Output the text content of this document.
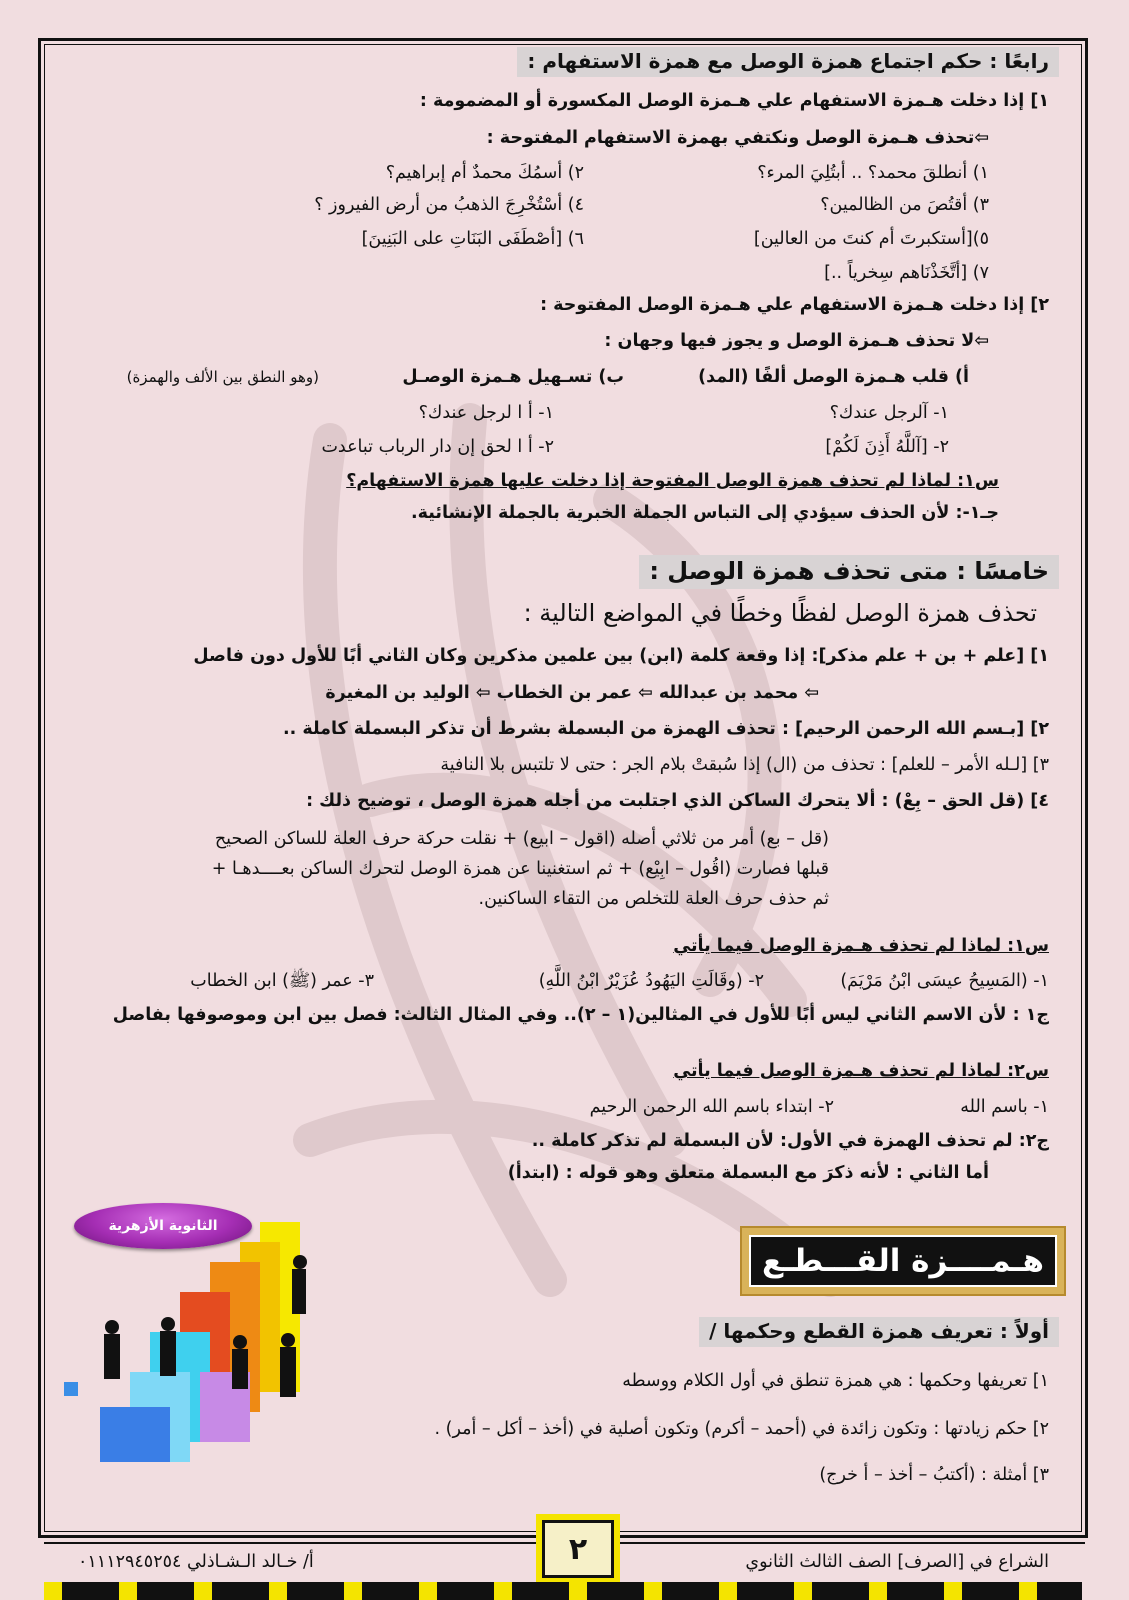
رابعًا : حكم اجتماع همزة الوصل مع همزة الاستفهام :
١] إذا دخلت هـمزة الاستفهام علي هـمزة الوصل المكسورة أو المضمومة :
⇦تحذف هـمزة الوصل ونكتفي بهمزة الاستفهام المفتوحة :
١) أنطلقَ محمد؟ .. أبتُلِيَ المرء؟
٢) أسمُكَ محمدٌ أم إبراهيم؟
٣) أقتُصَ من الظالمين؟
٤) أسْتُخْرِجَ الذهبُ من أرض الفيروز ؟
٥)[أستكبرتَ أم كنتَ من العالين]
٦) [أصْطَفَى البَنَاتِ على البَنِينَ]
٧) [أتَّخَذْنَاهم سِخرياً ..]
٢] إذا دخلت هـمزة الاستفهام علي هـمزة الوصل المفتوحة :
⇦لا تحذف هـمزة الوصل و يجوز فيها وجهان :
أ) قلب هـمزة الوصل ألفًا (المد)
ب) تسـهيل هـمزة الوصـل
(وهو النطق بين الألف والهمزة)
١- آلرجل عندك؟
١- أ ا لرجل عندك؟
٢- [آللَّهُ أَذِنَ لَكُمْ]
٢- أ ا لحق إن دار الرباب تباعدت
س١: لماذا لم تحذف همزة الوصل المفتوحة إذا دخلت عليها همزة الاستفهام؟
جـ١-: لأن الحذف سيؤدي إلى التباس الجملة الخبرية بالجملة الإنشائية.
خامسًا : متى تحذف همزة الوصل :
تحذف همزة الوصل لفظًا وخطًا في المواضع التالية :
١] [علم + بن + علم مذكر]: إذا وقعة كلمة (ابن) بين علمين مذكرين وكان الثاني أبًا للأول دون فاصل
⇦ محمد بن عبدالله ⇦ عمر بن الخطاب ⇦ الوليد بن المغيرة
٢] [بـسم الله الرحمن الرحيم] : تحذف الهمزة من البسملة بشرط أن تذكر البسملة كاملة ..
٣] [لـله الأمر – للعلم] : تحذف من (ال) إذا سُبقتْ بلام الجر : حتى لا تلتبس بلا النافية
٤] (قل الحق – بِعْ) : ألا يتحرك الساكن الذي اجتلبت من أجله همزة الوصل ، توضيح ذلك :
(قل – بع) أمر من ثلاثي أصله (اقول – ابيع) + نقلت حركة حرف العلة للساكن الصحيح
قبلها فصارت (اقُول – ابِيْع) + ثم استغنينا عن همزة الوصل لتحرك الساكن بعــــدهـا +
ثم حذف حرف العلة للتخلص من التقاء الساكنين.
س١: لماذا لم تحذف هـمزة الوصل فيما يأتي
١- (المَسِيحُ عيسَى ابْنُ مَرْيَمَ)
٢- (وقَالَتِ اليَهُودُ عُزَيْرٌ ابْنُ اللَّهِ)
٣- عمر (ﷺ) ابن الخطاب
ج١ : لأن الاسم الثاني ليس أبًا للأول في المثالين(١ – ٢).. وفي المثال الثالث: فصل بين ابن وموصوفها بفاصل
س٢: لماذا لم تحذف هـمزة الوصل فيما يأتي
١- باسم الله
٢- ابتداء باسم الله الرحمن الرحيم
ج٢: لم تحذف الهمزة في الأول: لأن البسملة لم تذكر كاملة ..
أما الثاني : لأنه ذكرَ مع البسملة متعلق وهو قوله : (ابتدأ)
هـمــــزة القـــطـع
أولاً : تعريف همزة القطع وحكمها /
١] تعريفها وحكمها : هي همزة تنطق في أول الكلام ووسطه
٢] حكم زيادتها : وتكون زائدة في (أحمد – أكرم) وتكون أصلية في (أخذ – أكل – أمر) .
٣] أمثلة : (أكتبُ – أخذ – أ خرج)
الثانوية الأزهرية
الشراع في [الصرف] الصف الثالث الثانوي
أ/ خـالد الـشـاذلي ٠١١١٢٩٤٥٢٥٤	٢
